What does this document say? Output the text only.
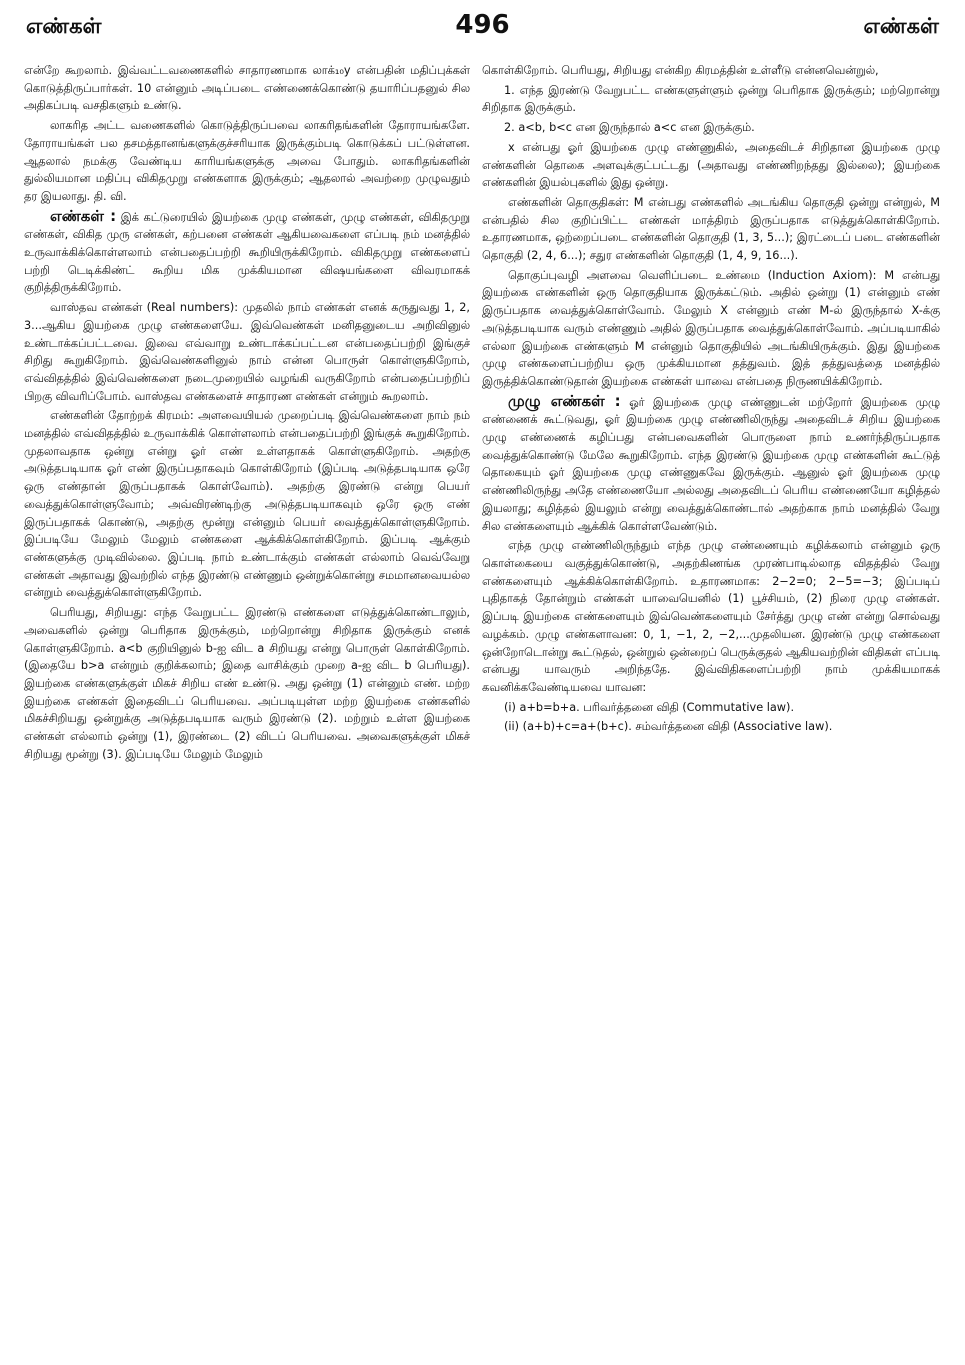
எண்கள்	496	எண்கள்

என்றே கூறலாம். இவ்வட்டவணைகளில் சாதாரணமாக லாக்₁₀y என்பதின் மதிப்புக்கள் கொடுத்திருப்பார்கள். 10 என்னும் அடிப்படை எண்ணைக்கொண்டு தயாரிப்பதனுல் சில அதிகப்படி வசதிகளும் உண்டு.

லாகரித அட்ட வணைகளில் கொடுத்திருப்பவை லாகரிதங்களின் தோராயங்களே. தோராயங்கள் பல தசமத்தானங்களுக்குச்சரியாக இருக்கும்படி கொடுக்கப் பட்டுள்ளன. ஆதலால் நமக்கு வேண்டிய காரியங்களுக்கு அவை போதும். லாகரிதங்களின் துல்லியமான மதிப்பு விகிதமுறு எண்களாக இருக்கும்; ஆதலால் அவற்றை முழுவதும் தர இயலாது. தி. வி.

எண்கள் : இக் கட்டுரையில் இயற்கை முழு எண்கள், முழு எண்கள், விகிதமுறு எண்கள், விகித முரு எண்கள், கற்பனை எண்கள் ஆகியவைகளை எப்படி நம் மனத்தில் உருவாக்கிக்கொள்ளலாம் என்பதைப்பற்றி கூறியிருக்கிறோம். விகிதமுறு எண்களைப் பற்றி டெடிக்கிண்ட் கூறிய மிக முக்கியமான விஷயங்களை விவரமாகக் குறித்திருக்கிறோம்.

வாஸ்தவ எண்கள் (Real numbers): முதலில் நாம் எண்கள் எனக் கருதுவது 1, 2, 3...ஆகிய இயற்கை முழு எண்களையே. இவ்வெண்கள் மனிதனுடைய அறிவினுல் உண்டாக்கப்பட்டவை. இவை எவ்வாறு உண்டாக்கப்பட்டன என்பதைப்பற்றி இங்குச் சிறிது கூறுகிறோம். இவ்வெண்களினுல் நாம் என்ன பொருள் கொள்ளுகிறோம், எவ்விதத்தில் இவ்வெண்களை நடைமுறையில் வழங்கி வருகிறோம் என்பதைப்பற்றிப் பிறகு விவரிப்போம். வாஸ்தவ எண்களைச் சாதாரண எண்கள் என்றும் கூறலாம்.

எண்களின் தோற்றக் கிரமம்: அளவையியல் முறைப்படி இவ்வெண்களை நாம் நம் மனத்தில் எவ்விதத்தில் உருவாக்கிக் கொள்ளலாம் என்பதைப்பற்றி இங்குக் கூறுகிறோம். முதலாவதாக ஒன்று என்று ஓர் எண் உள்ளதாகக் கொள்ளுகிறோம். அதற்கு அடுத்தபடியாக ஓர் எண் இருப்பதாகவும் கொள்கிறோம் (இப்படி அடுத்தபடியாக ஒரே ஒரு எண்தான் இருப்பதாகக் கொள்வோம்). அதற்கு இரண்டு என்று பெயர் வைத்துக்கொள்ளுவோம்; அவ்விரண்டிற்கு அடுத்தபடியாகவும் ஒரே ஒரு எண் இருப்பதாகக் கொண்டு, அதற்கு மூன்று என்னும் பெயர் வைத்துக்கொள்ளுகிறோம். இப்படியே மேலும் மேலும் எண்களை ஆக்கிக்கொள்கிறோம். இப்படி ஆக்கும் எண்களுக்கு முடிவில்லை. இப்படி நாம் உண்டாக்கும் எண்கள் எல்லாம் வெவ்வேறு எண்கள் அதாவது இவற்றில் எந்த இரண்டு எண்ணும் ஒன்றுக்கொன்று சமமானவையல்ல என்றும் வைத்துக்கொள்ளுகிறோம்.

பெரியது, சிறியது: எந்த வேறுபட்ட இரண்டு எண்களை எடுத்துக்கொண்டாலும், அவைகளில் ஒன்று பெரிதாக இருக்கும், மற்றொன்று சிறிதாக இருக்கும் எனக் கொள்ளுகிறோம். a<b குறியினுல் b-ஐ விட a சிறியது என்று பொருள் கொள்கிறோம். (இதையே b>a என்றும் குறிக்கலாம்; இதை வாசிக்கும் முறை a-ஐ விட b பெரியது). இயற்கை எண்களுக்குள் மிகச் சிறிய எண் உண்டு. அது ஒன்று (1) என்னும் எண். மற்ற இயற்கை எண்கள் இதைவிடப் பெரியவை. அப்படியுள்ள மற்ற இயற்கை எண்களில் மிகச்சிறியது ஒன்றுக்கு அடுத்தபடியாக வரும் இரண்டு (2). மற்றும் உள்ள இயற்கை எண்கள் எல்லாம் ஒன்று (1), இரண்டை (2) விடப் பெரியவை. அவைகளுக்குள் மிகச் சிறியது மூன்று (3). இப்படியே மேலும் மேலும்

கொள்கிறோம். பெரியது, சிறியது என்கிற கிரமத்தின் உள்ளீடு என்னவென்றுல்,

1. எந்த இரண்டு வேறுபட்ட எண்களுள்ளும் ஒன்று பெரிதாக இருக்கும்; மற்றொன்று சிறிதாக இருக்கும்.

2. a<b, b<c என இருந்தால் a<c என இருக்கும்.

x என்பது ஓர் இயற்கை முழு எண்ணுகில், அதைவிடச் சிறிதான இயற்கை முழு எண்களின் தொகை அளவுக்குட்பட்டது (அதாவது எண்ணிறந்தது இல்லை); இயற்கை எண்களின் இயல்புகளில் இது ஒன்று.

எண்களின் தொகுதிகள்: M என்பது எண்களில் அடங்கிய தொகுதி ஒன்று என்றுல், M என்பதில் சில குறிப்பிட்ட எண்கள் மாத்திரம் இருப்பதாக எடுத்துக்கொள்கிறோம். உதாரணமாக, ஒற்றைப்படை எண்களின் தொகுதி (1, 3, 5...); இரட்டைப் படை எண்களின் தொகுதி (2, 4, 6...); சதுர எண்களின் தொகுதி (1, 4, 9, 16...).

தொகுப்புவழி அளவை வெளிப்படை உண்மை (Induction Axiom): M என்பது இயற்கை எண்களின் ஒரு தொகுதியாக இருக்கட்டும். அதில் ஒன்று (1) என்னும் எண் இருப்பதாக வைத்துக்கொள்வோம். மேலும் X என்னும் எண் M-ல் இருந்தால் X-க்கு அடுத்தபடியாக வரும் எண்ணும் அதில் இருப்பதாக வைத்துக்கொள்வோம். அப்படியாகில் எல்லா இயற்கை எண்களும் M என்னும் தொகுதியில் அடங்கியிருக்கும். இது இயற்கை முழு எண்களைப்பற்றிய ஒரு முக்கியமான தத்துவம். இத் தத்துவத்தை மனத்தில் இருத்திக்கொண்டுதான் இயற்கை எண்கள் யாவை என்பதை நிருணயிக்கிறோம்.

முழு எண்கள் : ஓர் இயற்கை முழு எண்ணுடன் மற்றோர் இயற்கை முழு எண்ணைக் கூட்டுவது, ஓர் இயற்கை முழு எண்ணிலிருந்து அதைவிடச் சிறிய இயற்கை முழு எண்ணைக் கழிப்பது என்பவைகளின் பொருளை நாம் உணர்ந்திருப்பதாக வைத்துக்கொண்டு மேலே கூறுகிறோம். எந்த இரண்டு இயற்கை முழு எண்களின் கூட்டுத் தொகையும் ஓர் இயற்கை முழு எண்ணுகவே இருக்கும். ஆனுல் ஓர் இயற்கை முழு எண்ணிலிருந்து அதே எண்ணையோ அல்லது அதைவிடப் பெரிய எண்ணையோ கழித்தல் இயலாது; கழித்தல் இயலும் என்று வைத்துக்கொண்டால் அதற்காக நாம் மனத்தில் வேறு சில எண்களையும் ஆக்கிக் கொள்ளவேண்டும்.

எந்த முழு எண்ணிலிருந்தும் எந்த முழு எண்ணையும் கழிக்கலாம் என்னும் ஒரு கொள்கையை வகுத்துக்கொண்டு, அதற்கிணங்க முரண்பாடில்லாத விதத்தில் வேறு எண்களையும் ஆக்கிக்கொள்கிறோம். உதாரணமாக: 2−2=0; 2−5=−3; இப்படிப் புதிதாகத் தோன்றும் எண்கள் யாவையெனில் (1) பூச்சியம், (2) நிரை முழு எண்கள். இப்படி இயற்கை எண்களையும் இவ்வெண்களையும் சேர்த்து முழு எண் என்று சொல்வது வழக்கம். முழு எண்களாவன: 0, 1, −1, 2, −2,...முதலியன. இரண்டு முழு எண்களை ஒன்றோடொன்று கூட்டுதல், ஒன்றுல் ஒன்றைப் பெருக்குதல் ஆகியவற்றின் விதிகள் எப்படி என்பது யாவரும் அறிந்ததே. இவ்விதிகளைப்பற்றி நாம் முக்கியமாகக் கவனிக்கவேண்டியவை யாவன:

(i) a+b=b+a. பரிவர்த்தனை விதி (Commutative law).

(ii) (a+b)+c=a+(b+c). சம்வர்த்தனை விதி (Associative law).
